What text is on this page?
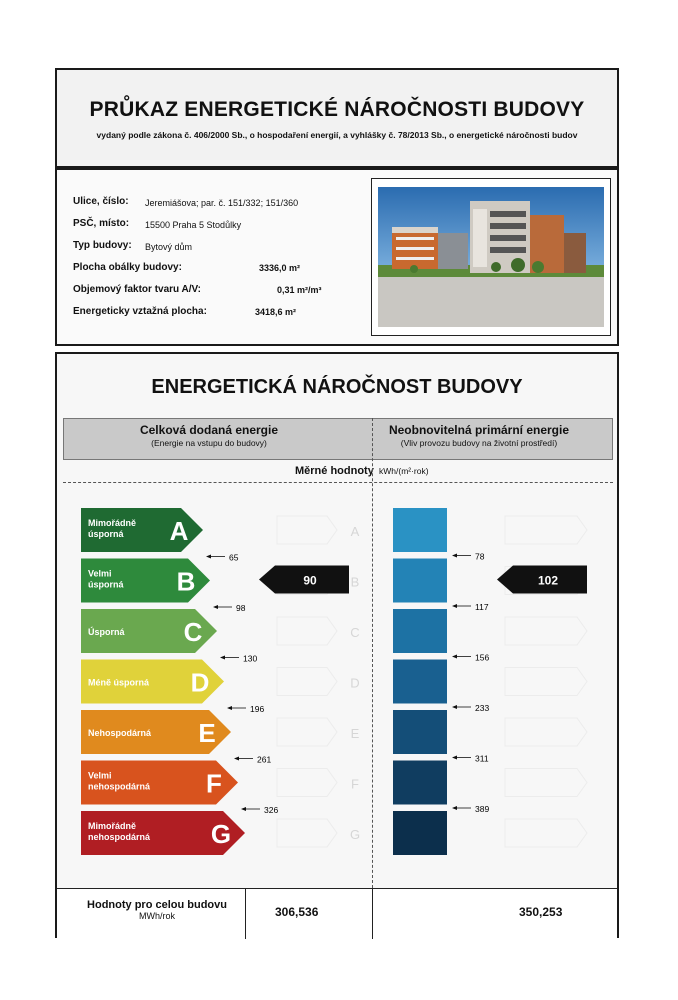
PRŮKAZ ENERGETICKÉ NÁROČNOSTI BUDOVY
vydaný podle zákona č. 406/2000 Sb., o hospodaření energií, a vyhlášky č. 78/2013 Sb., o energetické náročnosti budov
Ulice, číslo: Jeremiášova; par. č. 151/332; 151/360
PSČ, místo: 15500 Praha 5 Stodůlky
Typ budovy: Bytový dům
Plocha obálky budovy:	3336,0 m²
Objemový faktor tvaru A/V:	0,31 m²/m³
Energeticky vztažná plocha:	3418,6 m²
ENERGETICKÁ NÁROČNOST BUDOVY
Celková dodaná energie
(Energie na vstupu do budovy)
Neobnovitelná primární energie
(Vliv provozu budovy na životní prostředí)
Měrné hodnoty kWh/(m²·rok)
Mimořádně
úsporná A	A
Velmi
úsporná B	B
Úsporná C	C
Méně úsporná D	D
Nehospodárná E	E
Velmi
nehospodárná F	F
Mimořádně
nehospodárná G	G
65
98
130
196
261
326
78
117
156
233
311
389
90	102
Hodnoty pro celou budovu
MWh/rok	306,536	350,253
